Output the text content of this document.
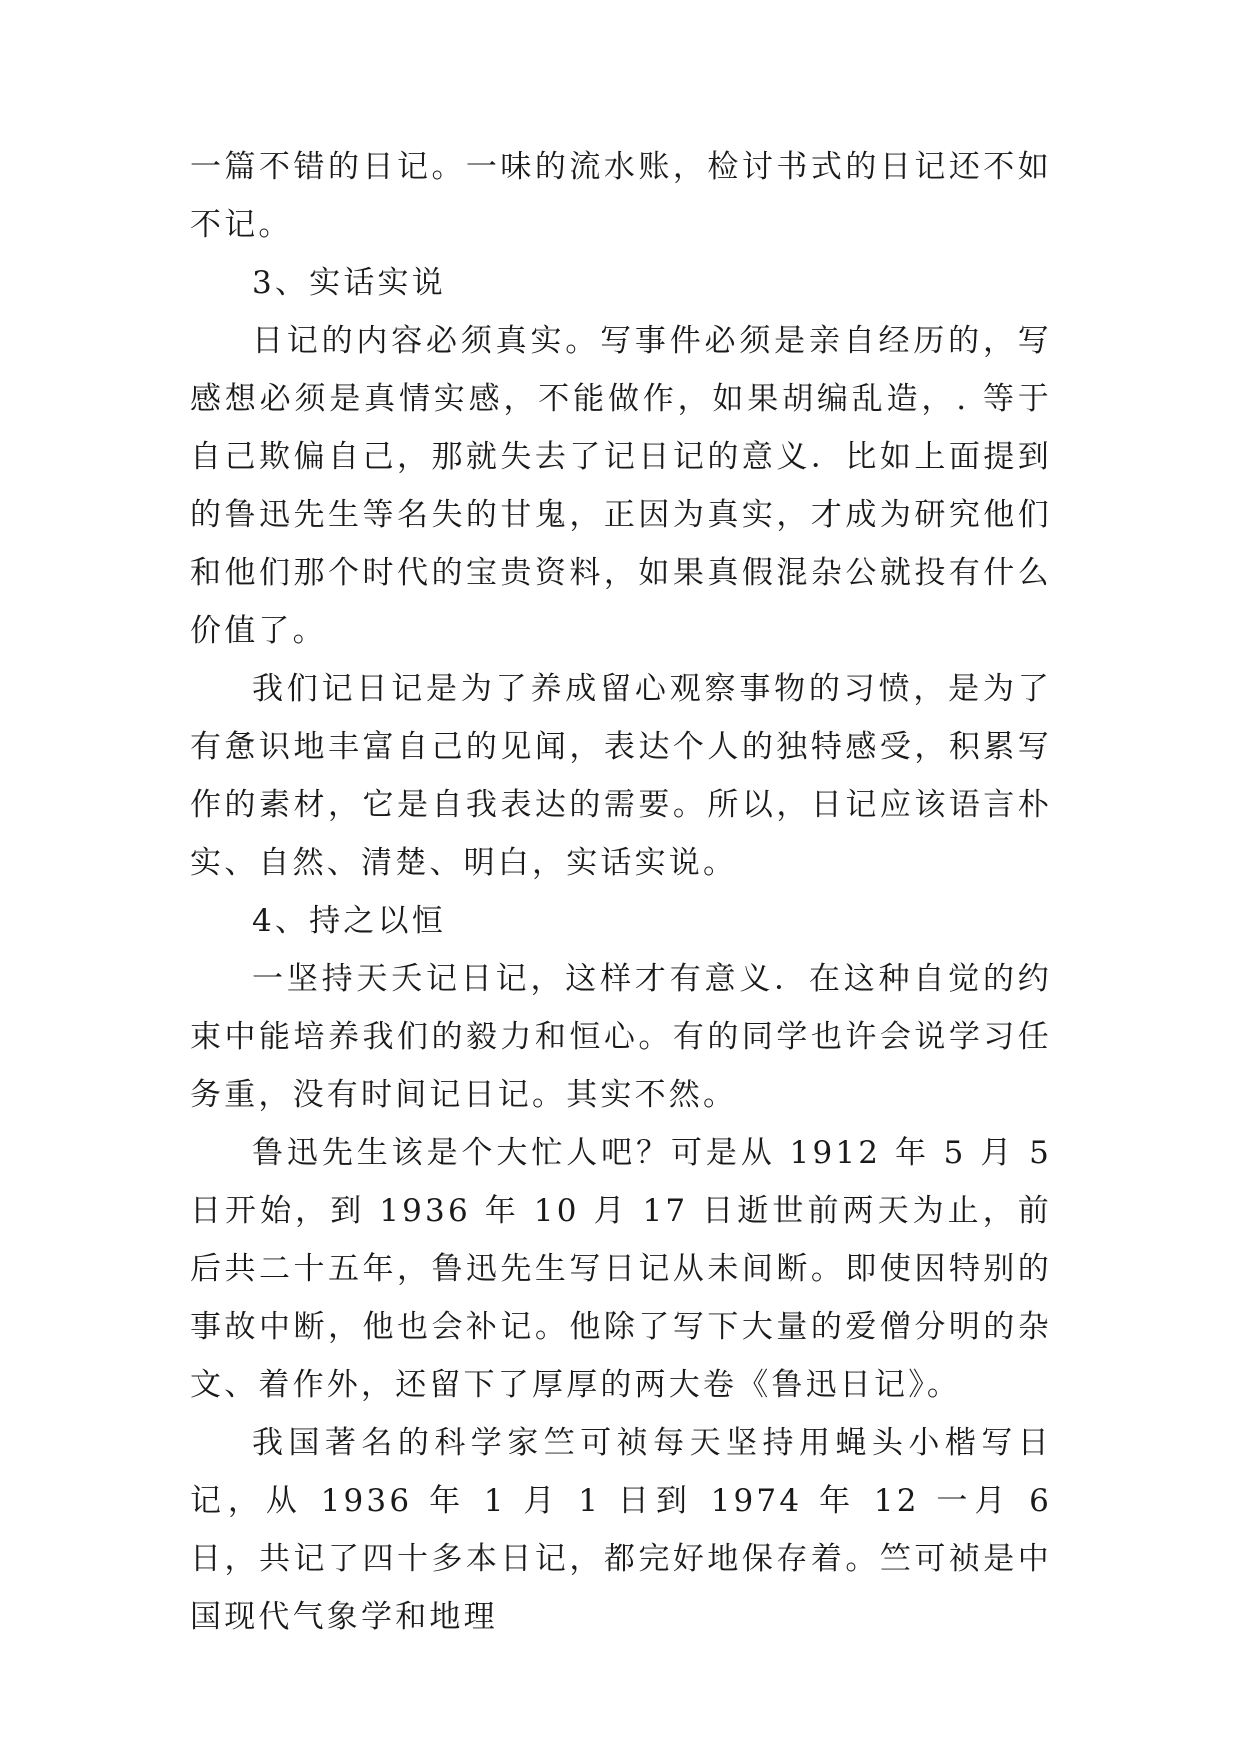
一篇不错的日记。一味的流水账，检讨书式的日记还不如不记。

3、实话实说

日记的内容必须真实。写事件必须是亲自经历的，写感想必须是真情实感，不能做作，如果胡编乱造，. 等于自己欺偏自己，那就失去了记日记的意义．比如上面提到的鲁迅先生等名失的甘鬼，正因为真实，才成为研究他们和他们那个时代的宝贵资料，如果真假混杂公就投有什么价值了。

我们记日记是为了养成留心观察事物的习愤，是为了有惫识地丰富自己的见闻，表达个人的独特感受，积累写作的素材，它是自我表达的需要。所以，日记应该语言朴实、自然、清楚、明白，实话实说。

4、持之以恒

一坚持天夭记日记，这样才有意义．在这种自觉的约束中能培养我们的毅力和恒心。有的同学也许会说学习任务重，没有时间记日记。其实不然。

鲁迅先生该是个大忙人吧？可是从 1912 年 5 月 5 日开始，到 1936 年 10 月 17 日逝世前两天为止，前后共二十五年，鲁迅先生写日记从未间断。即使因特别的事故中断，他也会补记。他除了写下大量的爱僧分明的杂文、着作外，还留下了厚厚的两大卷《鲁迅日记》。

我国著名的科学家竺可祯每天坚持用蝇头小楷写日记，从 1936 年 1 月 1 日到 1974 年 12 一月 6 日，共记了四十多本日记，都完好地保存着。竺可祯是中国现代气象学和地理
